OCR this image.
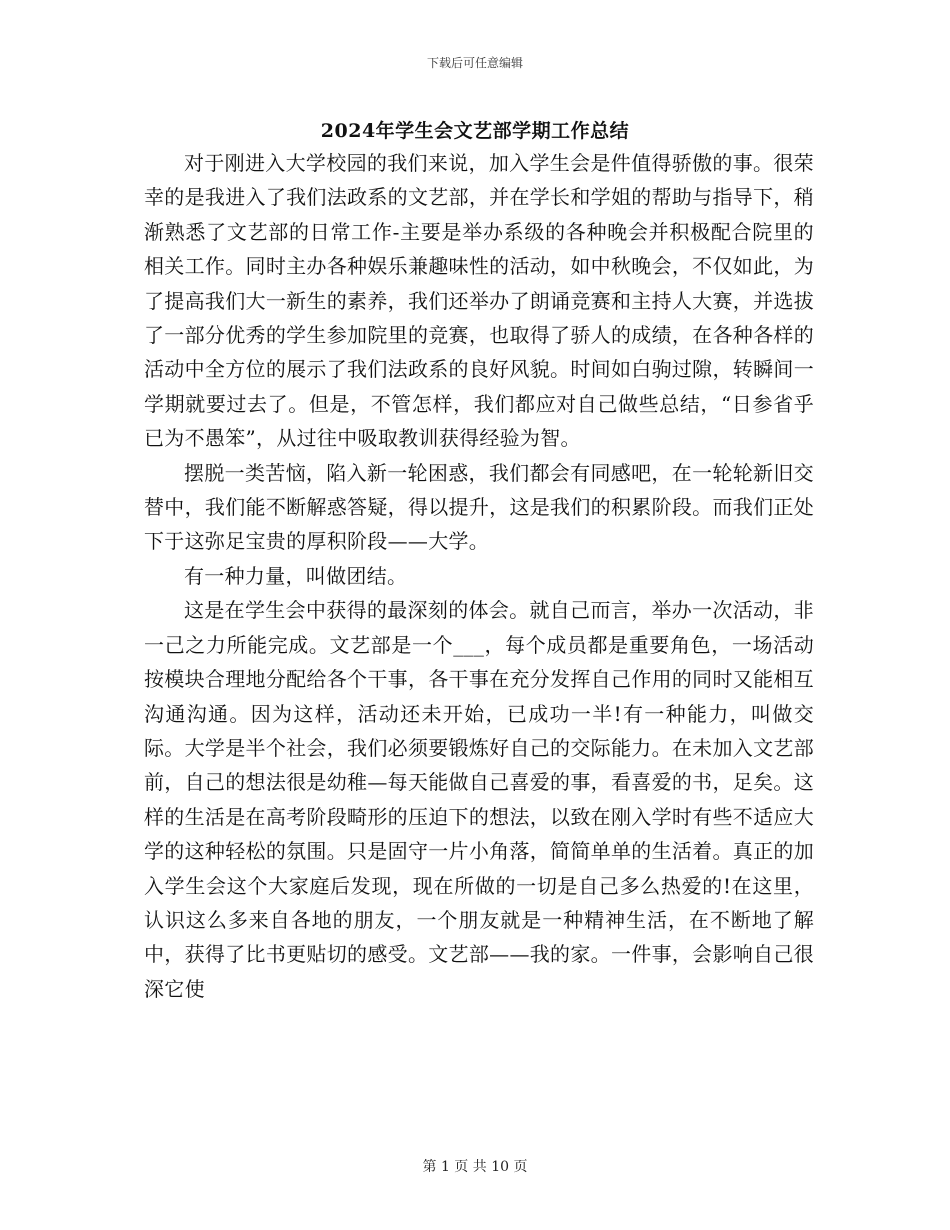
下载后可任意编辑
2024年学生会文艺部学期工作总结

对于刚进入大学校园的我们来说，加入学生会是件值得骄傲的事。很荣幸的是我进入了我们法政系的文艺部，并在学长和学姐的帮助与指导下，稍渐熟悉了文艺部的日常工作-主要是举办系级的各种晚会并积极配合院里的相关工作。同时主办各种娱乐兼趣味性的活动，如中秋晚会，不仅如此，为了提高我们大一新生的素养，我们还举办了朗诵竞赛和主持人大赛，并选拔了一部分优秀的学生参加院里的竞赛，也取得了骄人的成绩，在各种各样的活动中全方位的展示了我们法政系的良好风貌。时间如白驹过隙，转瞬间一学期就要过去了。但是，不管怎样，我们都应对自己做些总结，“日参省乎已为不愚笨”，从过往中吸取教训获得经验为智。

摆脱一类苦恼，陷入新一轮困惑，我们都会有同感吧，在一轮轮新旧交替中，我们能不断解惑答疑，得以提升，这是我们的积累阶段。而我们正处下于这弥足宝贵的厚积阶段——大学。

有一种力量，叫做团结。

这是在学生会中获得的最深刻的体会。就自己而言，举办一次活动，非一己之力所能完成。文艺部是一个___，每个成员都是重要角色，一场活动按模块合理地分配给各个干事，各干事在充分发挥自己作用的同时又能相互沟通沟通。因为这样，活动还未开始，已成功一半!有一种能力，叫做交际。大学是半个社会，我们必须要锻炼好自己的交际能力。在未加入文艺部前，自己的想法很是幼稚—每天能做自己喜爱的事，看喜爱的书，足矣。这样的生活是在高考阶段畸形的压迫下的想法，以致在刚入学时有些不适应大学的这种轻松的氛围。只是固守一片小角落，简简单单的生活着。真正的加入学生会这个大家庭后发现，现在所做的一切是自己多么热爱的!在这里，认识这么多来自各地的朋友，一个朋友就是一种精神生活，在不断地了解中，获得了比书更贴切的感受。文艺部——我的家。一件事，会影响自己很深它使

第 1 页 共 10 页
